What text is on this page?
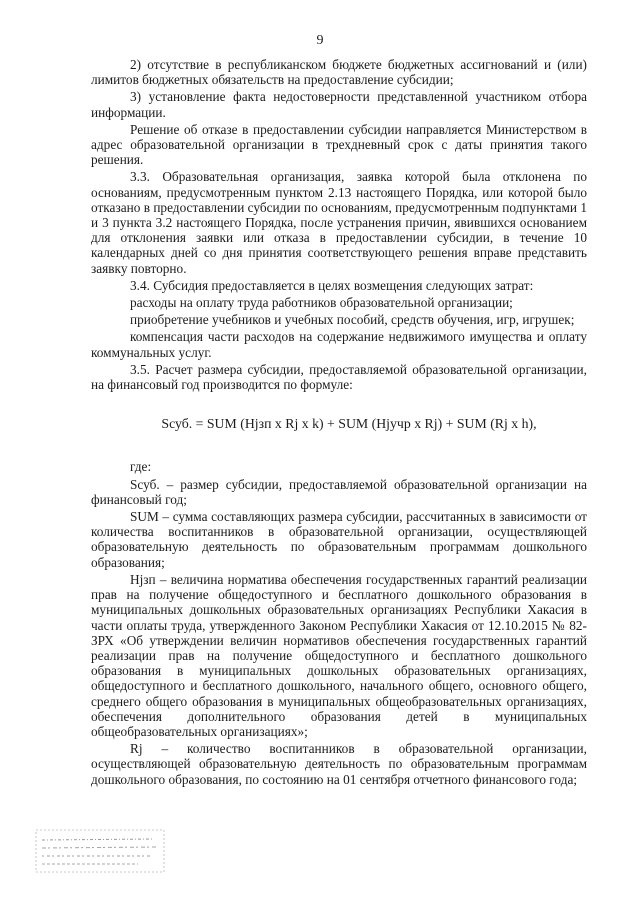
9

2) отсутствие в республиканском бюджете бюджетных ассигнований и (или) лимитов бюджетных обязательств на предоставление субсидии;

3) установление факта недостоверности представленной участником отбора информации.

Решение об отказе в предоставлении субсидии направляется Министерством в адрес образовательной организации в трехдневный срок с даты принятия такого решения.

3.3. Образовательная организация, заявка которой была отклонена по основаниям, предусмотренным пунктом 2.13 настоящего Порядка, или которой было отказано в предоставлении субсидии по основаниям, предусмотренным подпунктами 1 и 3 пункта 3.2 настоящего Порядка, после устранения причин, явившихся основанием для отклонения заявки или отказа в предоставлении субсидии, в течение 10 календарных дней со дня принятия соответствующего решения вправе представить заявку повторно.

3.4. Субсидия предоставляется в целях возмещения следующих затрат:

расходы на оплату труда работников образовательной организации;

приобретение учебников и учебных пособий, средств обучения, игр, игрушек;

компенсация части расходов на содержание недвижимого имущества и оплату коммунальных услуг.

3.5. Расчет размера субсидии, предоставляемой образовательной организации, на финансовый год производится по формуле:

Sсуб. = SUM (Нjзп x Rj x k) + SUM (Нjучр x Rj) + SUM (Rj x h),

где:

Sсуб. – размер субсидии, предоставляемой образовательной организации на финансовый год;

SUM – сумма составляющих размера субсидии, рассчитанных в зависимости от количества воспитанников в образовательной организации, осуществляющей образовательную деятельность по образовательным программам дошкольного образования;

Нjзп – величина норматива обеспечения государственных гарантий реализации прав на получение общедоступного и бесплатного дошкольного образования в муниципальных дошкольных образовательных организациях Республики Хакасия в части оплаты труда, утвержденного Законом Республики Хакасия от 12.10.2015 № 82-ЗРХ «Об утверждении величин нормативов обеспечения государственных гарантий реализации прав на получение общедоступного и бесплатного дошкольного образования в муниципальных дошкольных образовательных организациях, общедоступного и бесплатного дошкольного, начального общего, основного общего, среднего общего образования в муниципальных общеобразовательных организациях, обеспечения дополнительного образования детей в муниципальных общеобразовательных организациях»;

Rj – количество воспитанников в образовательной организации, осуществляющей образовательную деятельность по образовательным программам дошкольного образования, по состоянию на 01 сентября отчетного финансового года;
